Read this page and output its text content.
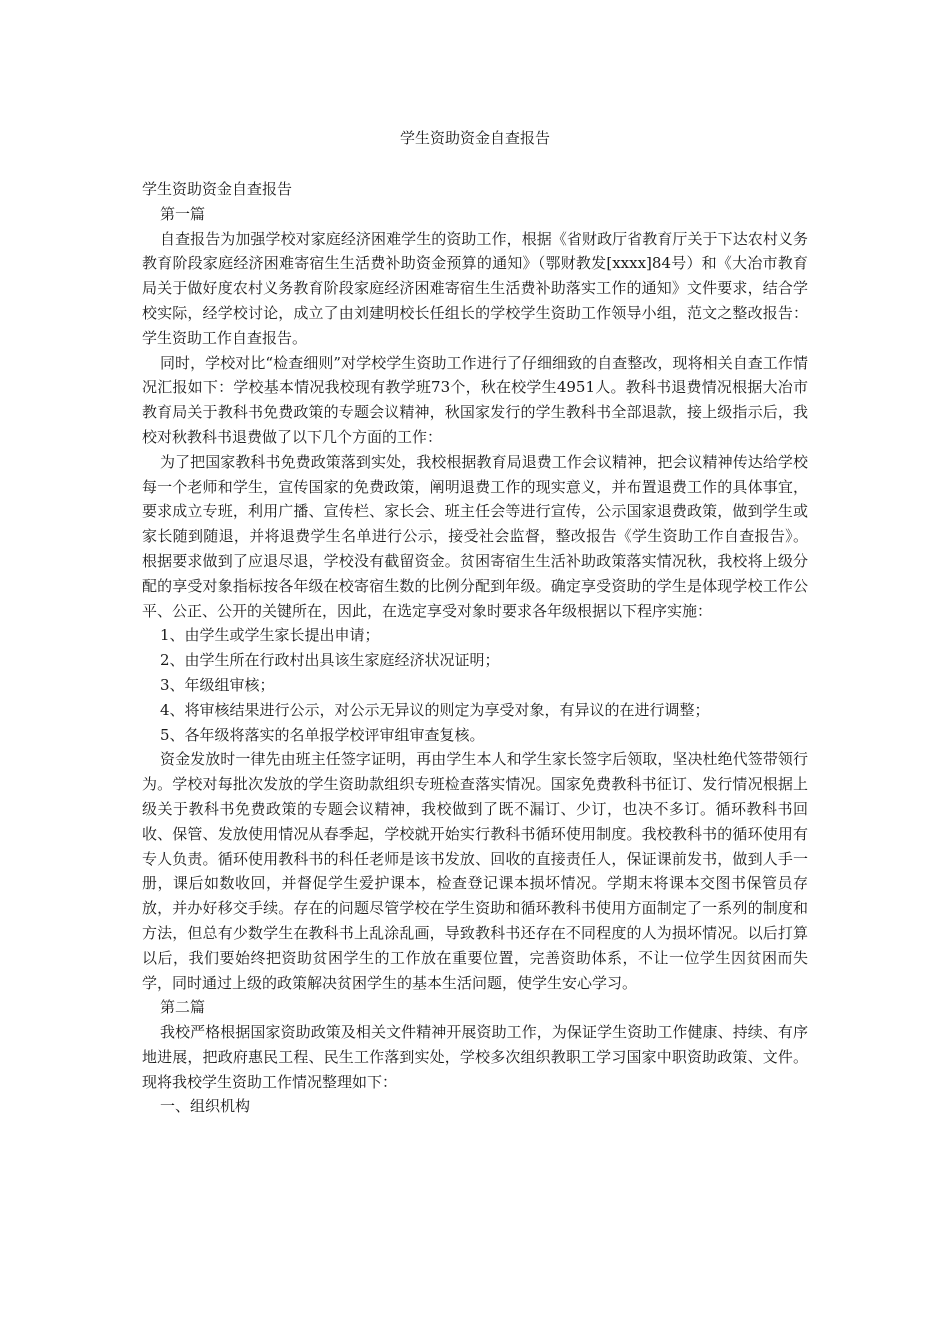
学生资助资金自查报告

学生资助资金自查报告

第一篇

自查报告为加强学校对家庭经济困难学生的资助工作，根据《省财政厅省教育厅关于下达农村义务教育阶段家庭经济困难寄宿生生活费补助资金预算的通知》（鄂财教发[xxxx]84号）和《大冶市教育局关于做好度农村义务教育阶段家庭经济困难寄宿生生活费补助落实工作的通知》文件要求，结合学校实际，经学校讨论，成立了由刘建明校长任组长的学校学生资助工作领导小组，范文之整改报告：学生资助工作自查报告。

同时，学校对比“检查细则”对学校学生资助工作进行了仔细细致的自查整改，现将相关自查工作情况汇报如下：学校基本情况我校现有教学班73个，秋在校学生4951人。教科书退费情况根据大冶市教育局关于教科书免费政策的专题会议精神，秋国家发行的学生教科书全部退款，接上级指示后，我校对秋教科书退费做了以下几个方面的工作：

为了把国家教科书免费政策落到实处，我校根据教育局退费工作会议精神，把会议精神传达给学校每一个老师和学生，宣传国家的免费政策，阐明退费工作的现实意义，并布置退费工作的具体事宜，要求成立专班，利用广播、宣传栏、家长会、班主任会等进行宣传，公示国家退费政策，做到学生或家长随到随退，并将退费学生名单进行公示，接受社会监督，整改报告《学生资助工作自查报告》。根据要求做到了应退尽退，学校没有截留资金。贫困寄宿生生活补助政策落实情况秋，我校将上级分配的享受对象指标按各年级在校寄宿生数的比例分配到年级。确定享受资助的学生是体现学校工作公平、公正、公开的关键所在，因此，在选定享受对象时要求各年级根据以下程序实施：

1、由学生或学生家长提出申请；

2、由学生所在行政村出具该生家庭经济状况证明；

3、年级组审核；

4、将审核结果进行公示，对公示无异议的则定为享受对象，有异议的在进行调整；

5、各年级将落实的名单报学校评审组审查复核。

资金发放时一律先由班主任签字证明，再由学生本人和学生家长签字后领取，坚决杜绝代签带领行为。学校对每批次发放的学生资助款组织专班检查落实情况。国家免费教科书征订、发行情况根据上级关于教科书免费政策的专题会议精神，我校做到了既不漏订、少订，也决不多订。循环教科书回收、保管、发放使用情况从春季起，学校就开始实行教科书循环使用制度。我校教科书的循环使用有专人负责。循环使用教科书的科任老师是该书发放、回收的直接责任人，保证课前发书，做到人手一册，课后如数收回，并督促学生爱护课本，检查登记课本损坏情况。学期末将课本交图书保管员存放，并办好移交手续。存在的问题尽管学校在学生资助和循环教科书使用方面制定了一系列的制度和方法，但总有少数学生在教科书上乱涂乱画，导致教科书还存在不同程度的人为损坏情况。以后打算以后，我们要始终把资助贫困学生的工作放在重要位置，完善资助体系，不让一位学生因贫困而失学，同时通过上级的政策解决贫困学生的基本生活问题，使学生安心学习。

第二篇

我校严格根据国家资助政策及相关文件精神开展资助工作，为保证学生资助工作健康、持续、有序地进展，把政府惠民工程、民生工作落到实处，学校多次组织教职工学习国家中职资助政策、文件。现将我校学生资助工作情况整理如下：

一、组织机构
